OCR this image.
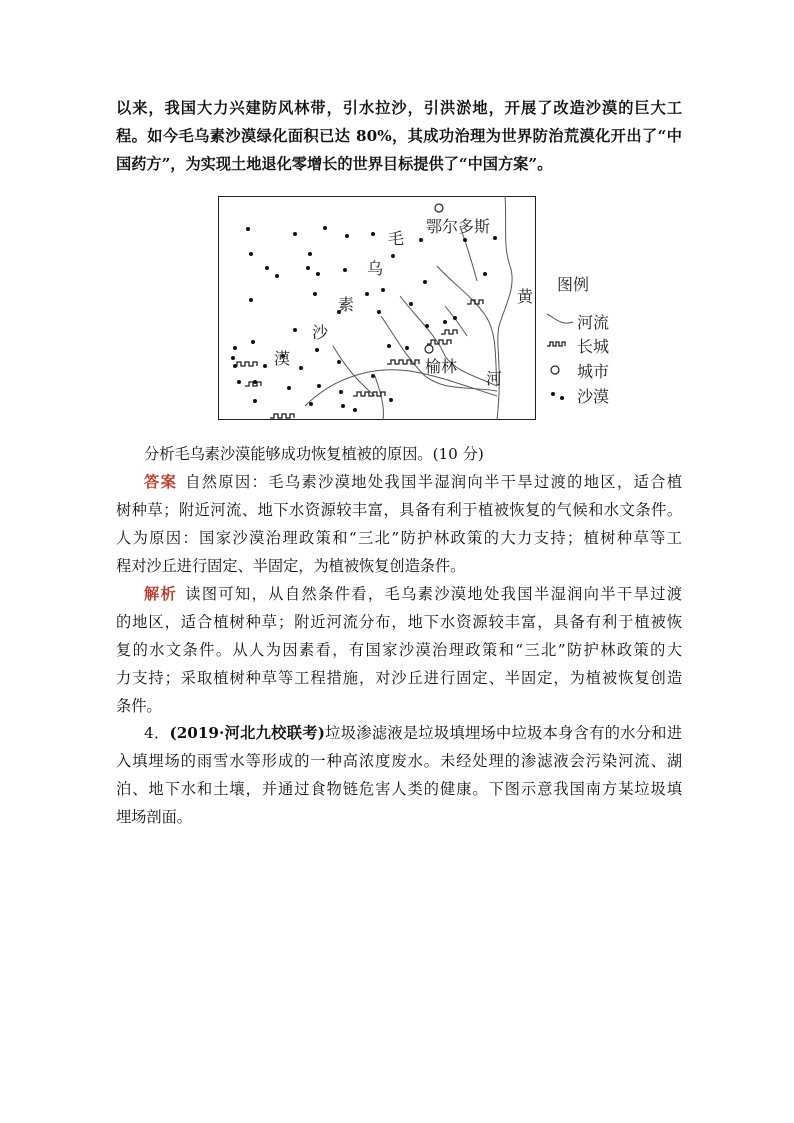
以来，我国大力兴建防风林带，引水拉沙，引洪淤地，开展了改造沙漠的巨大工
程。如今毛乌素沙漠绿化面积已达 80%，其成功治理为世界防治荒漠化开出了“中
国药方”，为实现土地退化零增长的世界目标提供了“中国方案”。
毛
乌
素
沙
漠
鄂尔多斯
榆林
黄
河
图例
河流
长城
城市
沙漠
分析毛乌素沙漠能够成功恢复植被的原因。(10 分)
答案 自然原因：毛乌素沙漠地处我国半湿润向半干旱过渡的地区，适合植
树种草；附近河流、地下水资源较丰富，具备有利于植被恢复的气候和水文条件。
人为原因：国家沙漠治理政策和“三北”防护林政策的大力支持；植树种草等工
程对沙丘进行固定、半固定，为植被恢复创造条件。
解析 读图可知，从自然条件看，毛乌素沙漠地处我国半湿润向半干旱过渡
的地区，适合植树种草；附近河流分布，地下水资源较丰富，具备有利于植被恢
复的水文条件。从人为因素看，有国家沙漠治理政策和“三北”防护林政策的大
力支持；采取植树种草等工程措施，对沙丘进行固定、半固定，为植被恢复创造
条件。
4．(2019·河北九校联考)垃圾渗滤液是垃圾填埋场中垃圾本身含有的水分和进
入填埋场的雨雪水等形成的一种高浓度废水。未经处理的渗滤液会污染河流、湖
泊、地下水和土壤，并通过食物链危害人类的健康。下图示意我国南方某垃圾填
埋场剖面。
